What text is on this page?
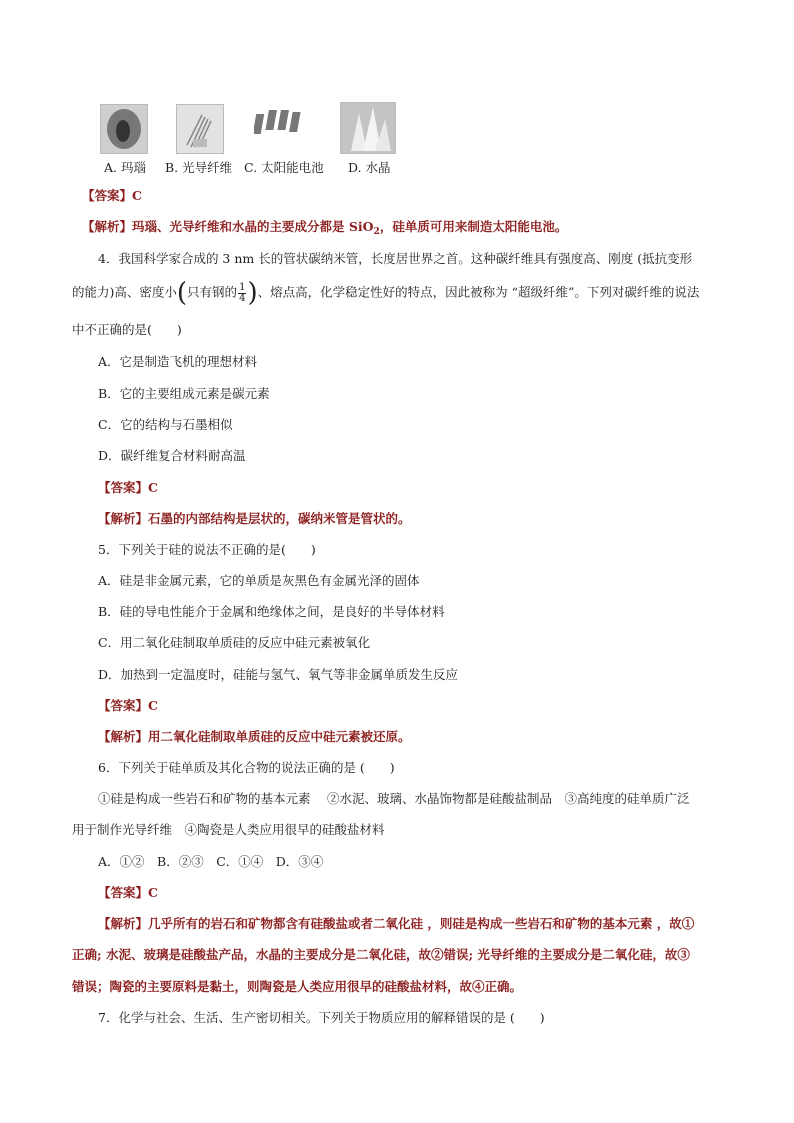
A. 玛瑙 B. 光导纤维 C. 太阳能电池 D. 水晶
【答案】C
【解析】玛瑙、光导纤维和水晶的主要成分都是 SiO$_2$，硅单质可用来制造太阳能电池。
4．我国科学家合成的 3 nm 长的管状碳纳米管，长度居世界之首。这种碳纤维具有强度高、刚度 (抵抗变形
的能力)高、密度小(只有钢的 $\frac{1}{4}$ )、熔点高，化学稳定性好的特点，因此被称为 “超级纤维”。下列对碳纤维的说法
中不正确的是(　　)
A．它是制造飞机的理想材料
B．它的主要组成元素是碳元素
C．它的结构与石墨相似
D．碳纤维复合材料耐高温
【答案】C
【解析】石墨的内部结构是层状的，碳纳米管是管状的。
5．下列关于硅的说法不正确的是(　　)
A．硅是非金属元素，它的单质是灰黑色有金属光泽的固体
B．硅的导电性能介于金属和绝缘体之间，是良好的半导体材料
C．用二氧化硅制取单质硅的反应中硅元素被氧化
D．加热到一定温度时，硅能与氢气、氧气等非金属单质发生反应
【答案】C
【解析】用二氧化硅制取单质硅的反应中硅元素被还原。
6．下列关于硅单质及其化合物的说法正确的是 (　　)
①硅是构成一些岩石和矿物的基本元素　 ②水泥、玻璃、水晶饰物都是硅酸盐制品　③高纯度的硅单质广泛
用于制作光导纤维　④陶瓷是人类应用很早的硅酸盐材料
A．①②　B．②③　C．①④　D．③④
【答案】C
【解析】几乎所有的岩石和矿物都含有硅酸盐或者二氧化硅 ，则硅是构成一些岩石和矿物的基本元素 ，故①
正确; 水泥、玻璃是硅酸盐产品，水晶的主要成分是二氧化硅，故②错误; 光导纤维的主要成分是二氧化硅，故③
错误；陶瓷的主要原料是黏土，则陶瓷是人类应用很早的硅酸盐材料，故④正确。
7．化学与社会、生活、生产密切相关。下列关于物质应用的解释错误的是 (　　)
